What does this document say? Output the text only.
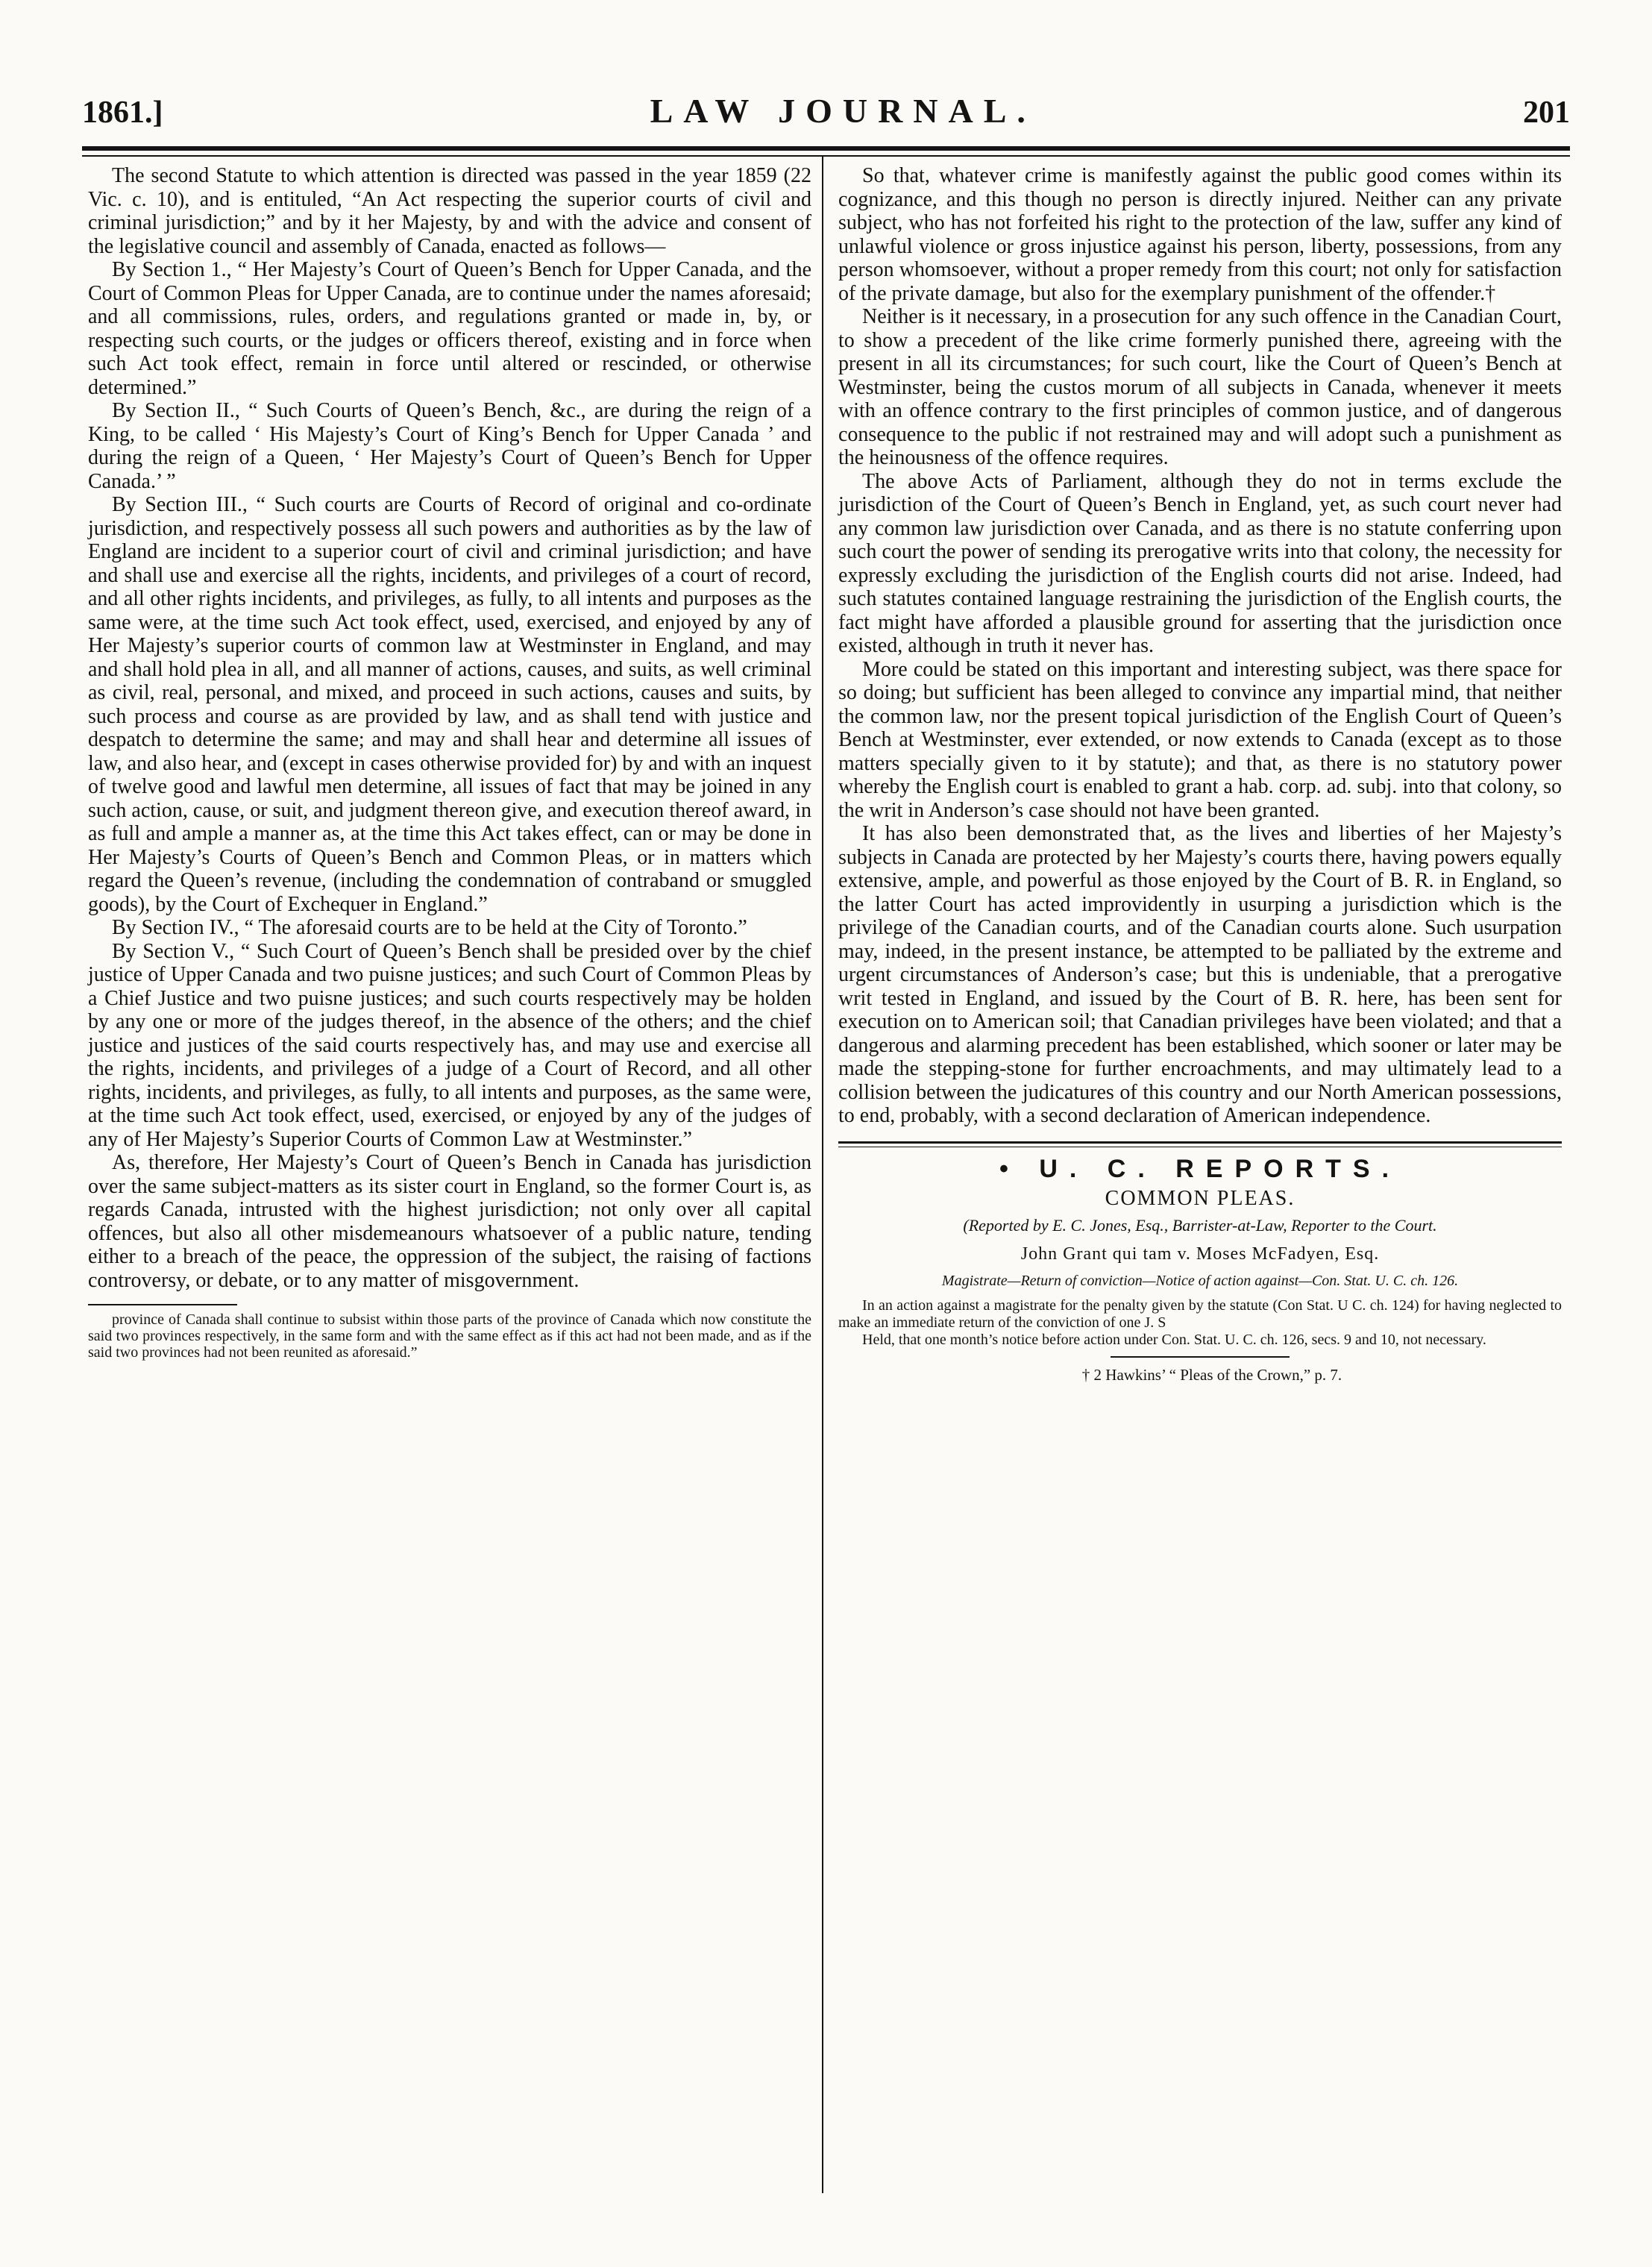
1861.]	LAW JOURNAL.	201

The second Statute to which attention is directed was passed in the year 1859 (22 Vic. c. 10), and is entituled, “An Act respecting the superior courts of civil and criminal jurisdiction;” and by it her Majesty, by and with the advice and consent of the legislative council and assembly of Canada, enacted as follows—

By Section 1., “ Her Majesty’s Court of Queen’s Bench for Upper Canada, and the Court of Common Pleas for Upper Canada, are to continue under the names aforesaid; and all commissions, rules, orders, and regulations granted or made in, by, or respecting such courts, or the judges or officers thereof, existing and in force when such Act took effect, remain in force until altered or rescinded, or otherwise determined.”

By Section II., “ Such Courts of Queen’s Bench, &c., are during the reign of a King, to be called ‘ His Majesty’s Court of King’s Bench for Upper Canada ’ and during the reign of a Queen, ‘ Her Majesty’s Court of Queen’s Bench for Upper Canada.’ ”

By Section III., “ Such courts are Courts of Record of original and co-ordinate jurisdiction, and respectively possess all such powers and authorities as by the law of England are incident to a superior court of civil and criminal jurisdiction; and have and shall use and exercise all the rights, incidents, and privileges of a court of record, and all other rights incidents, and privileges, as fully, to all intents and purposes as the same were, at the time such Act took effect, used, exercised, and enjoyed by any of Her Majesty’s superior courts of common law at Westminster in England, and may and shall hold plea in all, and all manner of actions, causes, and suits, as well criminal as civil, real, personal, and mixed, and proceed in such actions, causes and suits, by such process and course as are provided by law, and as shall tend with justice and despatch to determine the same; and may and shall hear and determine all issues of law, and also hear, and (except in cases otherwise provided for) by and with an inquest of twelve good and lawful men determine, all issues of fact that may be joined in any such action, cause, or suit, and judgment thereon give, and execution thereof award, in as full and ample a manner as, at the time this Act takes effect, can or may be done in Her Majesty’s Courts of Queen’s Bench and Common Pleas, or in matters which regard the Queen’s revenue, (including the condemnation of contraband or smuggled goods), by the Court of Exchequer in England.”

By Section IV., “ The aforesaid courts are to be held at the City of Toronto.”

By Section V., “ Such Court of Queen’s Bench shall be presided over by the chief justice of Upper Canada and two puisne justices; and such Court of Common Pleas by a Chief Justice and two puisne justices; and such courts respectively may be holden by any one or more of the judges thereof, in the absence of the others; and the chief justice and justices of the said courts respectively has, and may use and exercise all the rights, incidents, and privileges of a judge of a Court of Record, and all other rights, incidents, and privileges, as fully, to all intents and purposes, as the same were, at the time such Act took effect, used, exercised, or enjoyed by any of the judges of any of Her Majesty’s Superior Courts of Common Law at Westminster.”

As, therefore, Her Majesty’s Court of Queen’s Bench in Canada has jurisdiction over the same subject-matters as its sister court in England, so the former Court is, as regards Canada, intrusted with the highest jurisdiction; not only over all capital offences, but also all other misdemeanours whatsoever of a public nature, tending either to a breach of the peace, the oppression of the subject, the raising of factions controversy, or debate, or to any matter of misgovernment.

province of Canada shall continue to subsist within those parts of the province of Canada which now constitute the said two provinces respectively, in the same form and with the same effect as if this act had not been made, and as if the said two provinces had not been reunited as aforesaid.”

So that, whatever crime is manifestly against the public good comes within its cognizance, and this though no person is directly injured. Neither can any private subject, who has not forfeited his right to the protection of the law, suffer any kind of unlawful violence or gross injustice against his person, liberty, possessions, from any person whomsoever, without a proper remedy from this court; not only for satisfaction of the private damage, but also for the exemplary punishment of the offender.†

Neither is it necessary, in a prosecution for any such offence in the Canadian Court, to show a precedent of the like crime formerly punished there, agreeing with the present in all its circumstances; for such court, like the Court of Queen’s Bench at Westminster, being the custos morum of all subjects in Canada, whenever it meets with an offence contrary to the first principles of common justice, and of dangerous consequence to the public if not restrained may and will adopt such a punishment as the heinousness of the offence requires.

The above Acts of Parliament, although they do not in terms exclude the jurisdiction of the Court of Queen’s Bench in England, yet, as such court never had any common law jurisdiction over Canada, and as there is no statute conferring upon such court the power of sending its prerogative writs into that colony, the necessity for expressly excluding the jurisdiction of the English courts did not arise. Indeed, had such statutes contained language restraining the jurisdiction of the English courts, the fact might have afforded a plausible ground for asserting that the jurisdiction once existed, although in truth it never has.

More could be stated on this important and interesting subject, was there space for so doing; but sufficient has been alleged to convince any impartial mind, that neither the common law, nor the present topical jurisdiction of the English Court of Queen’s Bench at Westminster, ever extended, or now extends to Canada (except as to those matters specially given to it by statute); and that, as there is no statutory power whereby the English court is enabled to grant a hab. corp. ad. subj. into that colony, so the writ in Anderson’s case should not have been granted.

It has also been demonstrated that, as the lives and liberties of her Majesty’s subjects in Canada are protected by her Majesty’s courts there, having powers equally extensive, ample, and powerful as those enjoyed by the Court of B. R. in England, so the latter Court has acted improvidently in usurping a jurisdiction which is the privilege of the Canadian courts, and of the Canadian courts alone. Such usurpation may, indeed, in the present instance, be attempted to be palliated by the extreme and urgent circumstances of Anderson’s case; but this is undeniable, that a prerogative writ tested in England, and issued by the Court of B. R. here, has been sent for execution on to American soil; that Canadian privileges have been violated; and that a dangerous and alarming precedent has been established, which sooner or later may be made the stepping-stone for further encroachments, and may ultimately lead to a collision between the judicatures of this country and our North American possessions, to end, probably, with a second declaration of American independence.

• U. C. REPORTS.
COMMON PLEAS.
(Reported by E. C. Jones, Esq., Barrister-at-Law, Reporter to the Court.
John Grant qui tam v. Moses McFadyen, Esq.
Magistrate—Return of conviction—Notice of action against—Con. Stat. U. C. ch. 126.

In an action against a magistrate for the penalty given by the statute (Con Stat. U C. ch. 124) for having neglected to make an immediate return of the conviction of one J. S

Held, that one month’s notice before action under Con. Stat. U. C. ch. 126, secs. 9 and 10, not necessary.

† 2 Hawkins’ “ Pleas of the Crown,” p. 7.
